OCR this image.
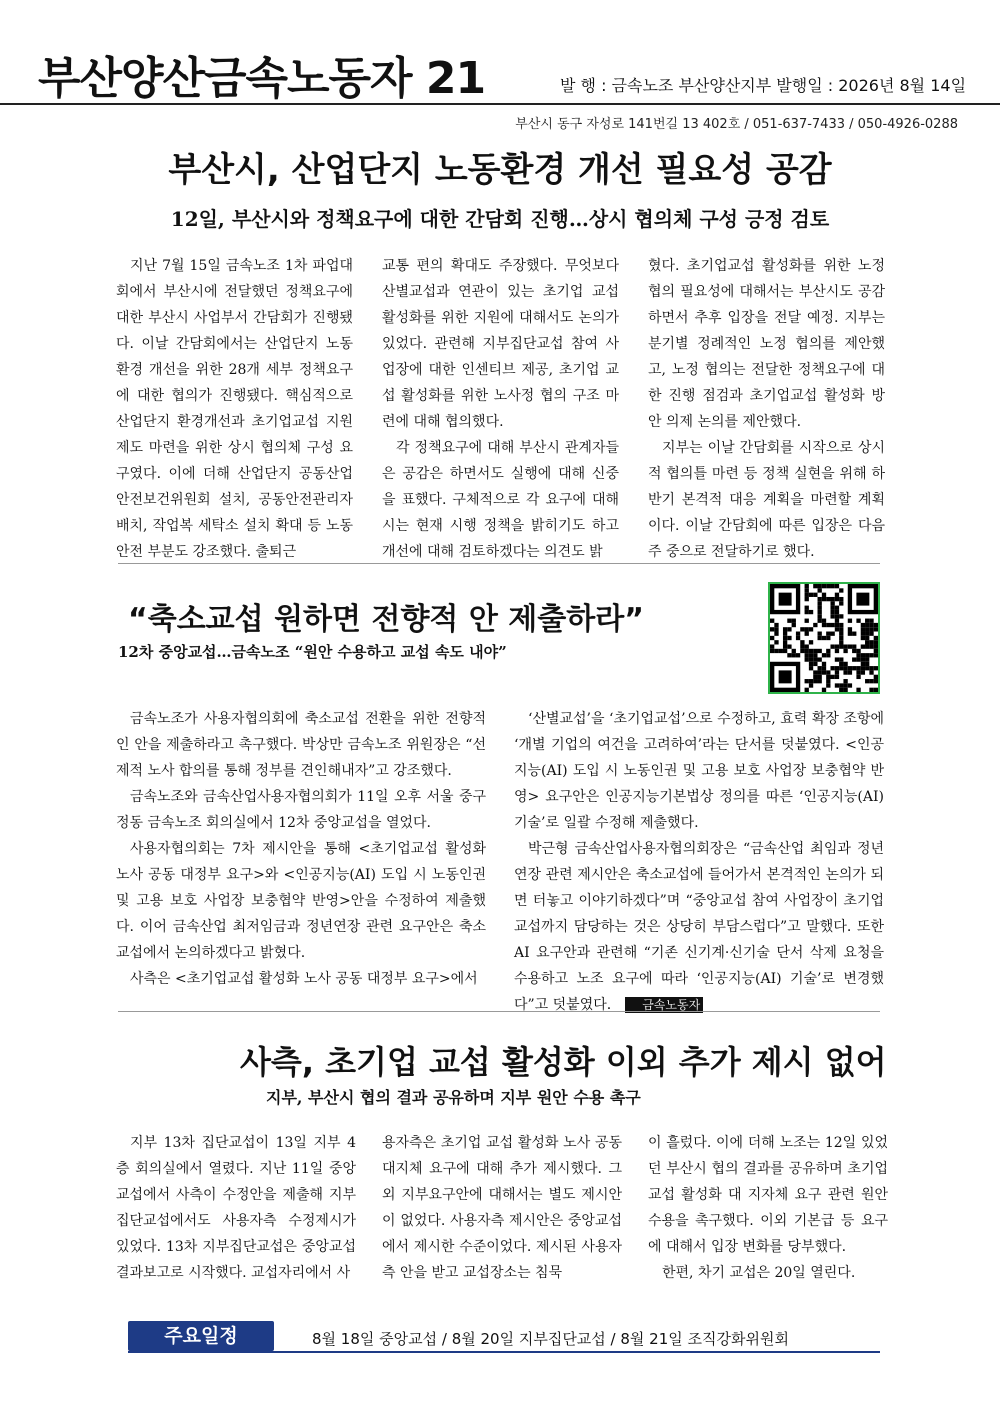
부산양산금속노동자 21	발 행 : 금속노조 부산양산지부 발행일 : 2026년 8월 14일
부산시 동구 자성로 141번길 13 402호 / 051-637-7433 / 050-4926-0288
부산시, 산업단지 노동환경 개선 필요성 공감
12일, 부산시와 정책요구에 대한 간담회 진행…상시 협의체 구성 긍정 검토

지난 7월 15일 금속노조 1차 파업대회에서 부산시에 전달했던 정책요구에 대한 부산시 사업부서 간담회가 진행됐다. 이날 간담회에서는 산업단지 노동환경 개선을 위한 28개 세부 정책요구에 대한 협의가 진행됐다. 핵심적으로 산업단지 환경개선과 초기업교섭 지원 제도 마련을 위한 상시 협의체 구성 요구였다. 이에 더해 산업단지 공동산업안전보건위원회 설치, 공동안전관리자 배치, 작업복 세탁소 설치 확대 등 노동안전 부분도 강조했다. 출퇴근

교통 편의 확대도 주장했다. 무엇보다 산별교섭과 연관이 있는 초기업 교섭 활성화를 위한 지원에 대해서도 논의가 있었다. 관련해 지부집단교섭 참여 사업장에 대한 인센티브 제공, 초기업 교섭 활성화를 위한 노사정 협의 구조 마련에 대해 협의했다.

각 정책요구에 대해 부산시 관계자들은 공감은 하면서도 실행에 대해 신중을 표했다. 구체적으로 각 요구에 대해 시는 현재 시행 정책을 밝히기도 하고 개선에 대해 검토하겠다는 의견도 밝

혔다. 초기업교섭 활성화를 위한 노정협의 필요성에 대해서는 부산시도 공감하면서 추후 입장을 전달 예정. 지부는 분기별 정례적인 노정 협의를 제안했고, 노정 협의는 전달한 정책요구에 대한 진행 점검과 초기업교섭 활성화 방안 의제 논의를 제안했다.

지부는 이날 간담회를 시작으로 상시적 협의틀 마련 등 정책 실현을 위해 하반기 본격적 대응 계획을 마련할 계획이다. 이날 간담회에 따른 입장은 다음주 중으로 전달하기로 했다.

“축소교섭 원하면 전향적 안 제출하라”
12차 중앙교섭…금속노조 “원안 수용하고 교섭 속도 내야”

금속노조가 사용자협의회에 축소교섭 전환을 위한 전향적인 안을 제출하라고 촉구했다. 박상만 금속노조 위원장은 “선제적 노사 합의를 통해 정부를 견인해내자”고 강조했다.

금속노조와 금속산업사용자협의회가 11일 오후 서울 중구 정동 금속노조 회의실에서 12차 중앙교섭을 열었다.

사용자협의회는 7차 제시안을 통해 <초기업교섭 활성화 노사 공동 대정부 요구>와 <인공지능(AI) 도입 시 노동인권 및 고용 보호 사업장 보충협약 반영>안을 수정하여 제출했다. 이어 금속산업 최저임금과 정년연장 관련 요구안은 축소교섭에서 논의하겠다고 밝혔다.

사측은 <초기업교섭 활성화 노사 공동 대정부 요구>에서

‘산별교섭’을 ‘초기업교섭’으로 수정하고, 효력 확장 조항에 ‘개별 기업의 여건을 고려하여’라는 단서를 덧붙였다. <인공지능(AI) 도입 시 노동인권 및 고용 보호 사업장 보충협약 반영> 요구안은 인공지능기본법상 정의를 따른 ‘인공지능(AI) 기술’로 일괄 수정해 제출했다.

박근형 금속산업사용자협의회장은 “금속산업 최임과 정년연장 관련 제시안은 축소교섭에 들어가서 본격적인 논의가 되면 터놓고 이야기하겠다”며 “중앙교섭 참여 사업장이 초기업교섭까지 담당하는 것은 상당히 부담스럽다”고 말했다. 또한 AI 요구안과 관련해 “기존 신기계·신기술 단서 삭제 요청을 수용하고 노조 요구에 따라 ‘인공지능(AI) 기술’로 변경했다”고 덧붙였다.	금속노동자

사측, 초기업 교섭 활성화 이외 추가 제시 없어
지부, 부산시 협의 결과 공유하며 지부 원안 수용 촉구

지부 13차 집단교섭이 13일 지부 4층 회의실에서 열렸다. 지난 11일 중앙교섭에서 사측이 수정안을 제출해 지부 집단교섭에서도 사용자측 수정제시가 있었다. 13차 지부집단교섭은 중앙교섭 결과보고로 시작했다. 교섭자리에서 사

용자측은 초기업 교섭 활성화 노사 공동 대지체 요구에 대해 추가 제시했다. 그 외 지부요구안에 대해서는 별도 제시안이 없었다. 사용자측 제시안은 중앙교섭에서 제시한 수준이었다. 제시된 사용자측 안을 받고 교섭장소는 침묵

이 흘렀다. 이에 더해 노조는 12일 있었던 부산시 협의 결과를 공유하며 초기업교섭 활성화 대 지자체 요구 관련 원안 수용을 촉구했다. 이외 기본급 등 요구에 대해서 입장 변화를 당부했다.

한편, 차기 교섭은 20일 열린다.

주요일정	8월 18일 중앙교섭 / 8월 20일 지부집단교섭 / 8월 21일 조직강화위원회
